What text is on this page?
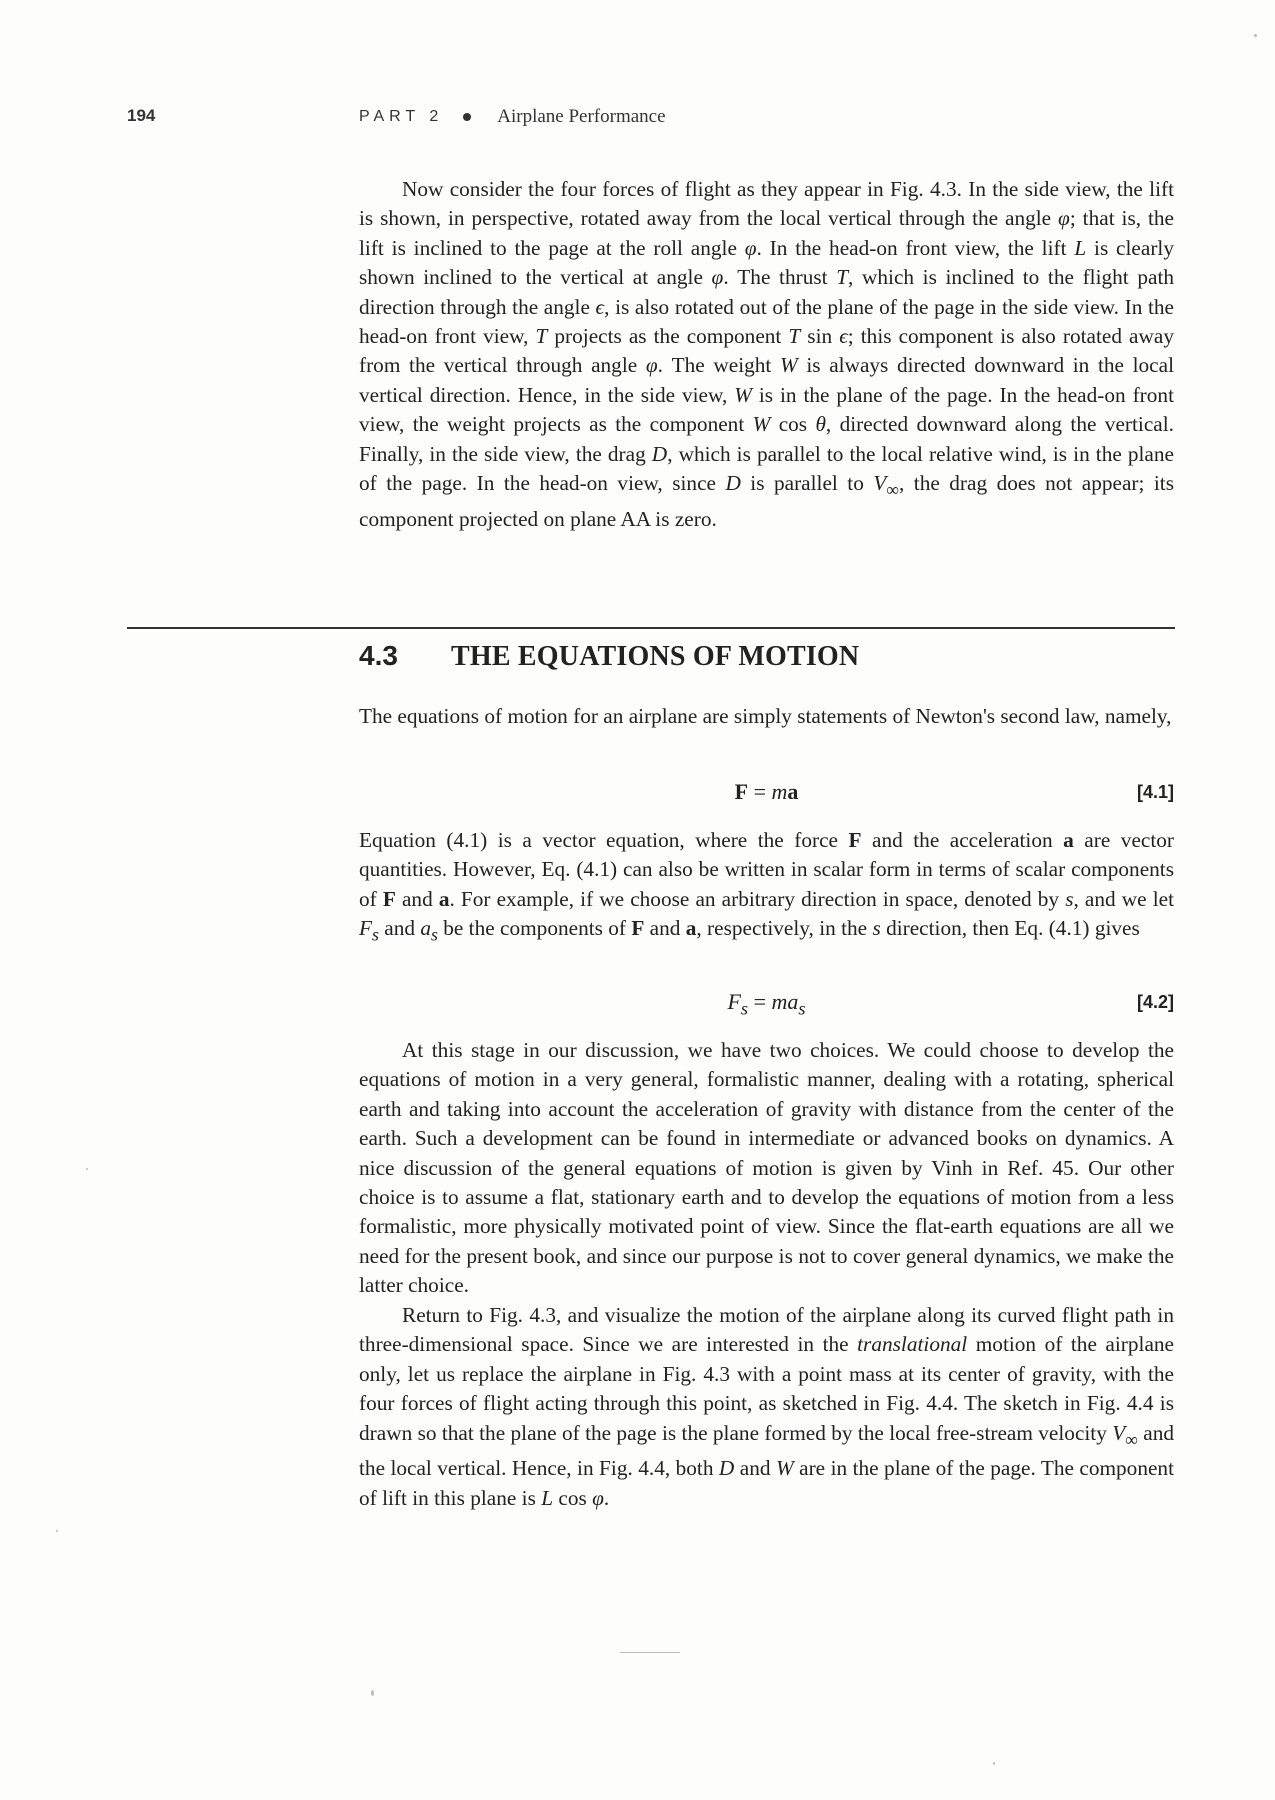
194	PART 2	Airplane Performance

Now consider the four forces of flight as they appear in Fig. 4.3. In the side view, the lift is shown, in perspective, rotated away from the local vertical through the angle φ; that is, the lift is inclined to the page at the roll angle φ. In the head-on front view, the lift L is clearly shown inclined to the vertical at angle φ. The thrust T, which is inclined to the flight path direction through the angle ϵ, is also rotated out of the plane of the page in the side view. In the head-on front view, T projects as the component T sin ϵ; this component is also rotated away from the vertical through angle φ. The weight W is always directed downward in the local vertical direction. Hence, in the side view, W is in the plane of the page. In the head-on front view, the weight projects as the component W cos θ, directed downward along the vertical. Finally, in the side view, the drag D, which is parallel to the local relative wind, is in the plane of the page. In the head-on view, since D is parallel to $V_\infty$, the drag does not appear; its component projected on plane AA is zero.

4.3	THE EQUATIONS OF MOTION

The equations of motion for an airplane are simply statements of Newton's second law, namely,

F = ma	[4.1]

Equation (4.1) is a vector equation, where the force F and the acceleration a are vector quantities. However, Eq. (4.1) can also be written in scalar form in terms of scalar components of F and a. For example, if we choose an arbitrary direction in space, denoted by s, and we let $F_s$ and $a_s$ be the components of F and a, respectively, in the s direction, then Eq. (4.1) gives

$F_s = ma_s$	[4.2]

At this stage in our discussion, we have two choices. We could choose to develop the equations of motion in a very general, formalistic manner, dealing with a rotating, spherical earth and taking into account the acceleration of gravity with distance from the center of the earth. Such a development can be found in intermediate or advanced books on dynamics. A nice discussion of the general equations of motion is given by Vinh in Ref. 45. Our other choice is to assume a flat, stationary earth and to develop the equations of motion from a less formalistic, more physically motivated point of view. Since the flat-earth equations are all we need for the present book, and since our purpose is not to cover general dynamics, we make the latter choice.

Return to Fig. 4.3, and visualize the motion of the airplane along its curved flight path in three-dimensional space. Since we are interested in the translational motion of the airplane only, let us replace the airplane in Fig. 4.3 with a point mass at its center of gravity, with the four forces of flight acting through this point, as sketched in Fig. 4.4. The sketch in Fig. 4.4 is drawn so that the plane of the page is the plane formed by the local free-stream velocity $V_\infty$ and the local vertical. Hence, in Fig. 4.4, both D and W are in the plane of the page. The component of lift in this plane is L cos φ.
